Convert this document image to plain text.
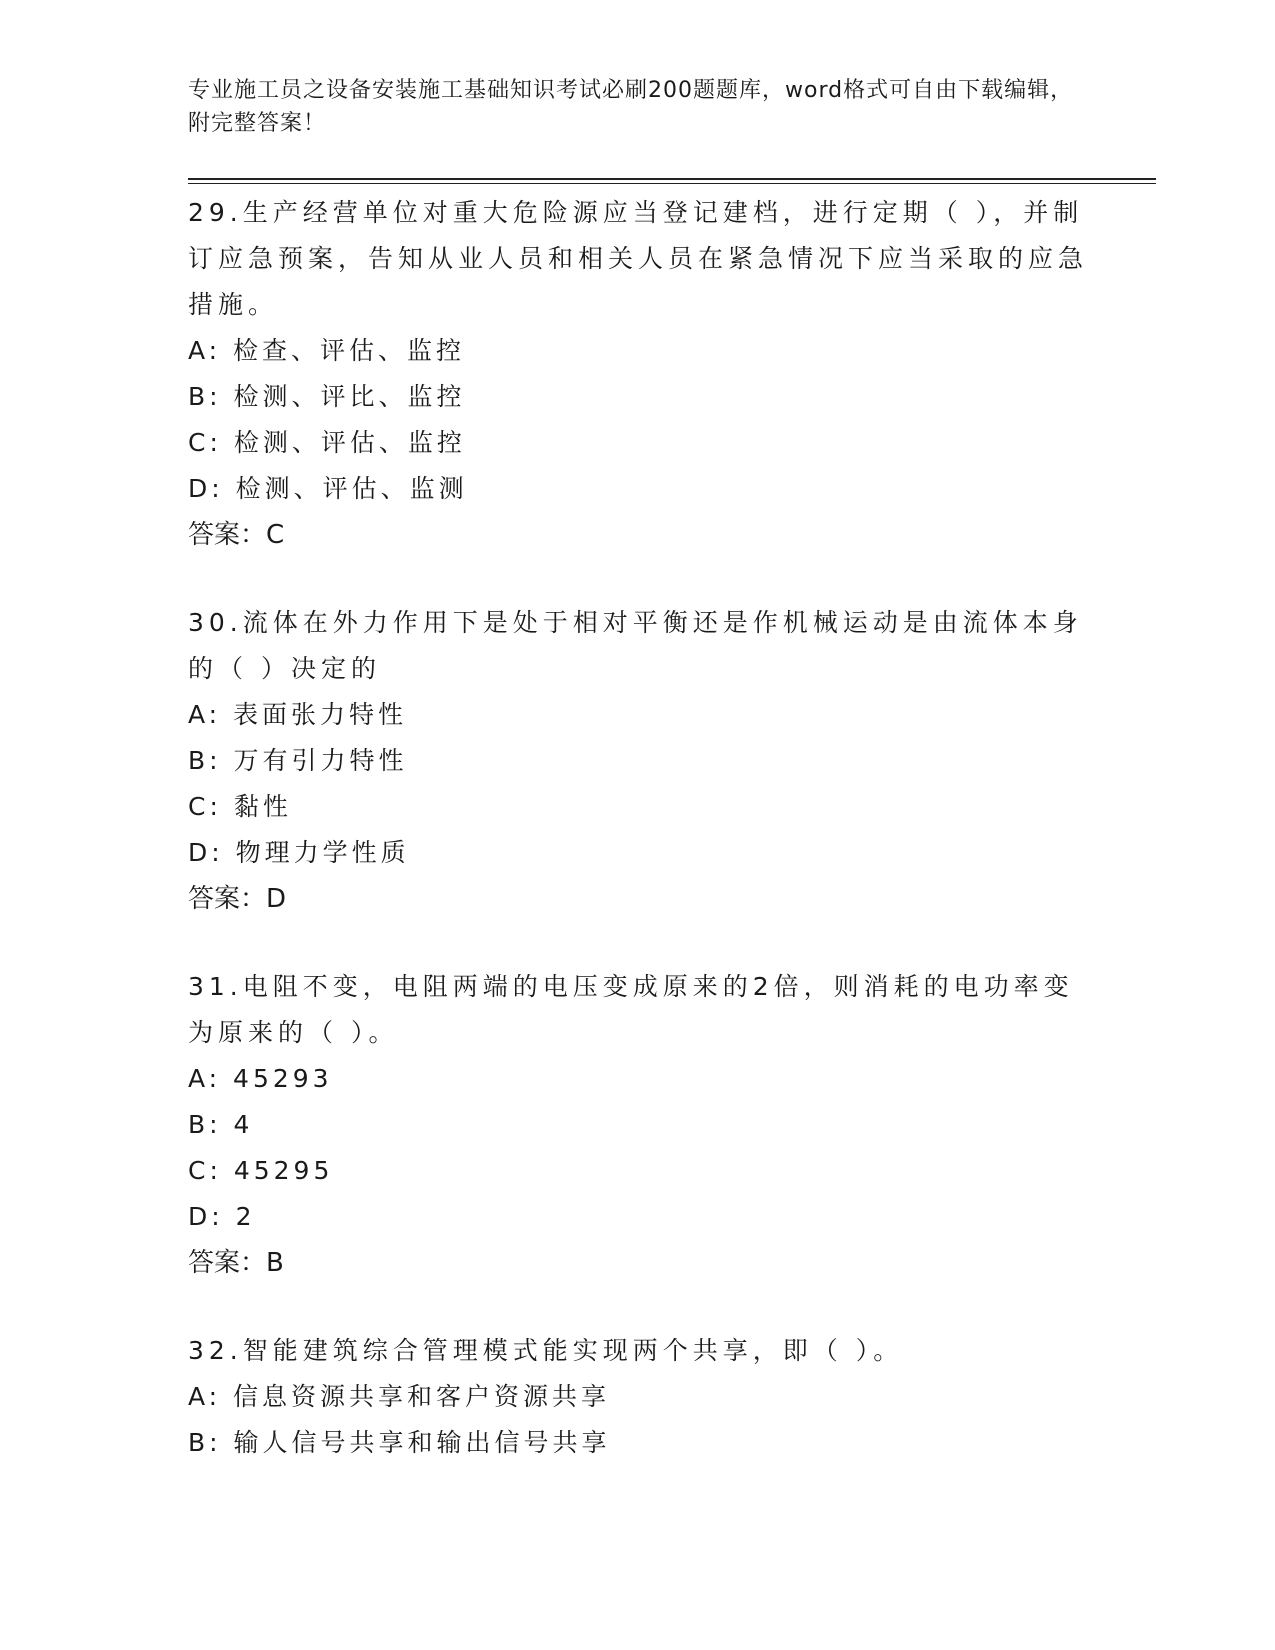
专业施工员之设备安装施工基础知识考试必刷200题题库，word格式可自由下载编辑，附完整答案！

29.生产经营单位对重大危险源应当登记建档，进行定期（ ），并制订应急预案，告知从业人员和相关人员在紧急情况下应当采取的应急措施。

A: 检查、评估、监控

B: 检测、评比、监控

C: 检测、评估、监控

D: 检测、评估、监测

答案：C

30.流体在外力作用下是处于相对平衡还是作机械运动是由流体本身的（ ）决定的

A: 表面张力特性

B: 万有引力特性

C: 黏性

D: 物理力学性质

答案：D

31.电阻不变，电阻两端的电压变成原来的2倍，则消耗的电功率变为原来的（ ）。

A: 45293

B: 4

C: 45295

D: 2

答案：B

32.智能建筑综合管理模式能实现两个共享，即（ ）。

A: 信息资源共享和客户资源共享

B: 输人信号共享和输出信号共享
